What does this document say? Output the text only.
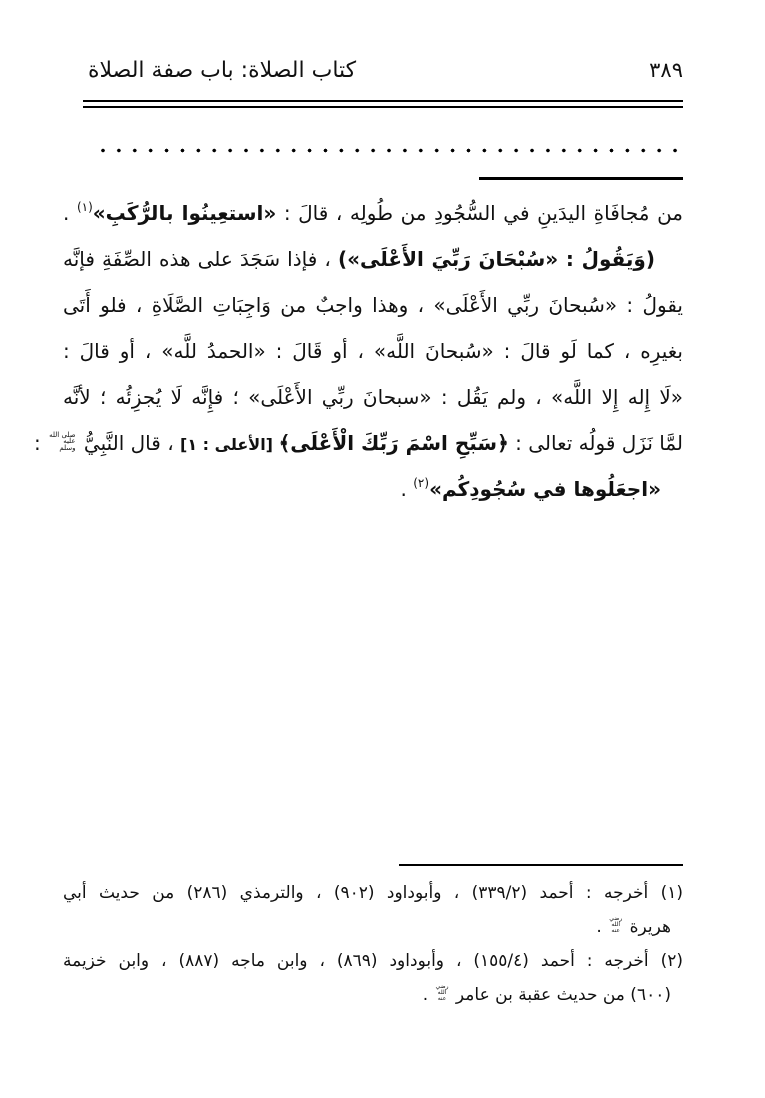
كتاب الصلاة: باب صفة الصلاة	٣٨٩
من مُجافَاةِ اليدَينِ في السُّجُودِ من طُولِه ، قالَ : «استعِينُوا بالرُّكَبِ»$^{(١)}$ .
(وَيَقُولُ : «سُبْحَانَ رَبِّيَ الأَعْلَى») ، فإذا سَجَدَ على هذه الصِّفَةِ فإنَّه
يقولُ : «سُبحانَ ربِّي الأَعْلَى» ، وهذا واجبٌ من وَاجِبَاتِ الصَّلَاةِ ، فلو أَتَى
بغيرِه ، كما لَو قالَ : «سُبحانَ اللَّه» ، أو قَالَ : «الحمدُ للَّه» ، أو قالَ :
«لَا إِله إِلا اللَّه» ، ولم يَقُل : «سبحانَ ربِّي الأَعْلَى» ؛ فإِنَّه لَا يُجزِئُه ؛ لأنَّه
لمَّا نَزَل قولُه تعالى : ﴿سَبِّحِ اسْمَ رَبِّكَ الْأَعْلَى﴾ [الأعلى : ١] ، قال النَّبِيُّ
صلى الله
عليه
وسلم
:
«اجعَلُوها في سُجُودِكُم»$^{(٢)}$ .
(١) أخرجه : أحمد (٣٣٩/٢) ، وأبوداود (٩٠٢) ، والترمذي (٢٨٦) من حديث أبي
هريرة
رضي
الله
عنه
.
(٢) أخرجه : أحمد (١٥٥/٤) ، وأبوداود (٨٦٩) ، وابن ماجه (٨٨٧) ، وابن خزيمة
(٦٠٠) من حديث عقبة بن عامر
رضي
الله
عنه
.
